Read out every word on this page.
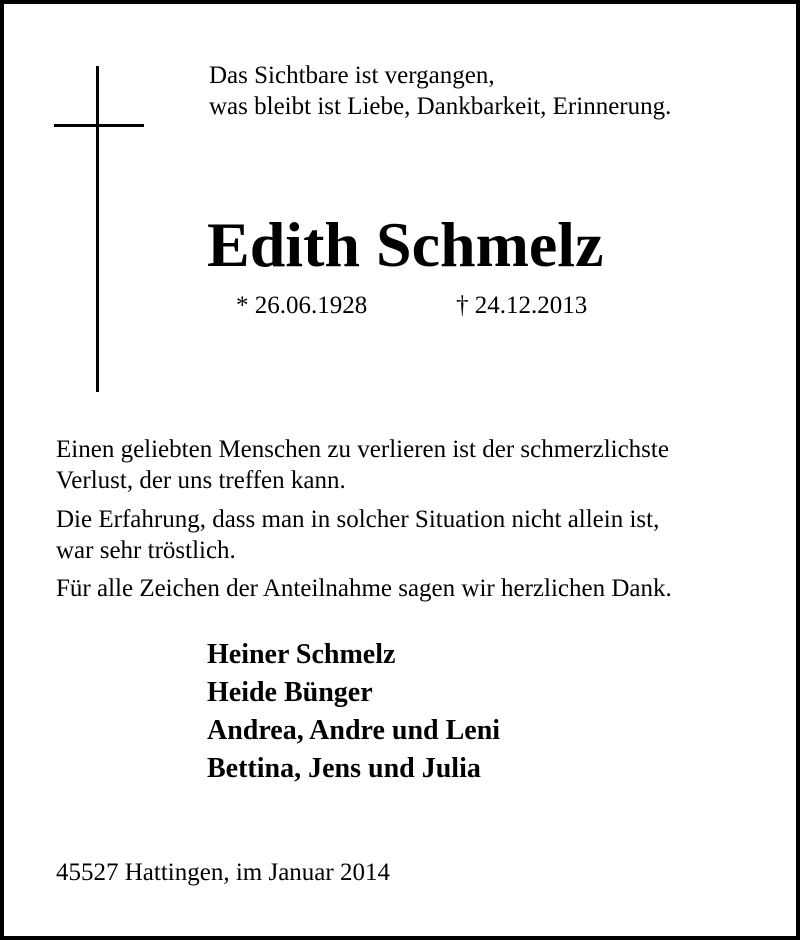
Das Sichtbare ist vergangen,
was bleibt ist Liebe, Dankbarkeit, Erinnerung.
Edith Schmelz
* 26.06.1928	† 24.12.2013
Einen geliebten Menschen zu verlieren ist der schmerzlichste
Verlust, der uns treffen kann.
Die Erfahrung, dass man in solcher Situation nicht allein ist,
war sehr tröstlich.
Für alle Zeichen der Anteilnahme sagen wir herzlichen Dank.
Heiner Schmelz
Heide Bünger
Andrea, Andre und Leni
Bettina, Jens und Julia
45527 Hattingen, im Januar 2014
